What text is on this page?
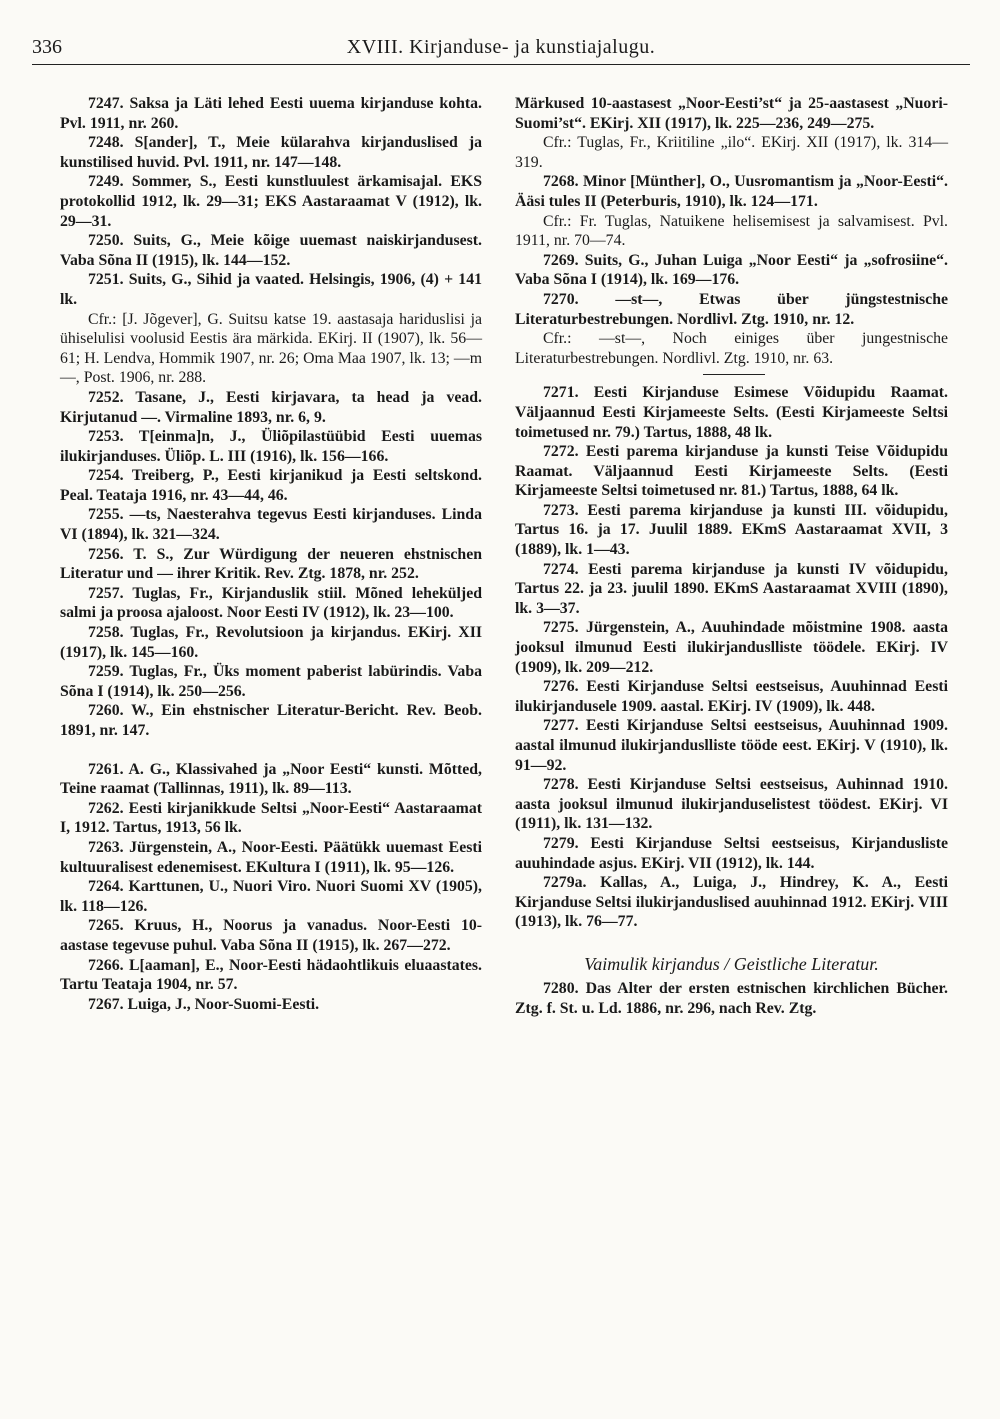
336	XVIII. Kirjanduse- ja kunstiajalugu.

7247. Saksa ja Läti lehed Eesti uuema kirjanduse kohta. Pvl. 1911, nr. 260.

7248. S[ander], T., Meie külarahva kirjanduslised ja kunstilised huvid. Pvl. 1911, nr. 147—148.

7249. Sommer, S., Eesti kunstluulest ärkamisajal. EKS protokollid 1912, lk. 29—31; EKS Aastaraamat V (1912), lk. 29—31.

7250. Suits, G., Meie kõige uuemast naiskirjandusest. Vaba Sõna II (1915), lk. 144—152.

7251. Suits, G., Sihid ja vaated. Helsingis, 1906, (4) + 141 lk.

Cfr.: [J. Jõgever], G. Suitsu katse 19. aastasaja hariduslisi ja ühiselulisi voolusid Eestis ära märkida. EKirj. II (1907), lk. 56—61; H. Lendva, Hommik 1907, nr. 26; Oma Maa 1907, lk. 13; —m—, Post. 1906, nr. 288.

7252. Tasane, J., Eesti kirjavara, ta head ja vead. Kirjutanud —. Virmaline 1893, nr. 6, 9.

7253. T[einma]n, J., Üliõpilastüübid Eesti uuemas ilukirjanduses. Üliõp. L. III (1916), lk. 156—166.

7254. Treiberg, P., Eesti kirjanikud ja Eesti seltskond. Peal. Teataja 1916, nr. 43—44, 46.

7255. —ts, Naesterahva tegevus Eesti kirjanduses. Linda VI (1894), lk. 321—324.

7256. T. S., Zur Würdigung der neueren ehstnischen Literatur und — ihrer Kritik. Rev. Ztg. 1878, nr. 252.

7257. Tuglas, Fr., Kirjanduslik stiil. Mõned leheküljed salmi ja proosa ajaloost. Noor Eesti IV (1912), lk. 23—100.

7258. Tuglas, Fr., Revolutsioon ja kirjandus. EKirj. XII (1917), lk. 145—160.

7259. Tuglas, Fr., Üks moment paberist labürindis. Vaba Sõna I (1914), lk. 250—256.

7260. W., Ein ehstnischer Literatur-Bericht. Rev. Beob. 1891, nr. 147.

7261. A. G., Klassivahed ja „Noor Eesti“ kunsti. Mõtted, Teine raamat (Tallinnas, 1911), lk. 89—113.

7262. Eesti kirjanikkude Seltsi „Noor-Eesti“ Aastaraamat I, 1912. Tartus, 1913, 56 lk.

7263. Jürgenstein, A., Noor-Eesti. Päätükk uuemast Eesti kultuuralisest edenemisest. EKultura I (1911), lk. 95—126.

7264. Karttunen, U., Nuori Viro. Nuori Suomi XV (1905), lk. 118—126.

7265. Kruus, H., Noorus ja vanadus. Noor-Eesti 10-aastase tegevuse puhul. Vaba Sõna II (1915), lk. 267—272.

7266. L[aaman], E., Noor-Eesti hädaohtlikuis eluaastates. Tartu Teataja 1904, nr. 57.

7267. Luiga, J., Noor-Suomi-Eesti.

Märkused 10-aastasest „Noor-Eesti’st“ ja 25-aastasest „Nuori-Suomi’st“. EKirj. XII (1917), lk. 225—236, 249—275.

Cfr.: Tuglas, Fr., Kriitiline „ilo“. EKirj. XII (1917), lk. 314—319.

7268. Minor [Münther], O., Uusromantism ja „Noor-Eesti“. Ääsi tules II (Peterburis, 1910), lk. 124—171.

Cfr.: Fr. Tuglas, Natuikene helisemisest ja salvamisest. Pvl. 1911, nr. 70—74.

7269. Suits, G., Juhan Luiga „Noor Eesti“ ja „sofrosiine“. Vaba Sõna I (1914), lk. 169—176.

7270. —st—, Etwas über jüngstestnische Literaturbestrebungen. Nordlivl. Ztg. 1910, nr. 12.

Cfr.: —st—, Noch einiges über jungestnische Literaturbestrebungen. Nordlivl. Ztg. 1910, nr. 63.

7271. Eesti Kirjanduse Esimese Võidupidu Raamat. Väljaannud Eesti Kirjameeste Selts. (Eesti Kirjameeste Seltsi toimetused nr. 79.) Tartus, 1888, 48 lk.

7272. Eesti parema kirjanduse ja kunsti Teise Võidupidu Raamat. Väljaannud Eesti Kirjameeste Selts. (Eesti Kirjameeste Seltsi toimetused nr. 81.) Tartus, 1888, 64 lk.

7273. Eesti parema kirjanduse ja kunsti III. võidupidu, Tartus 16. ja 17. Juulil 1889. EKmS Aastaraamat XVII, 3 (1889), lk. 1—43.

7274. Eesti parema kirjanduse ja kunsti IV võidupidu, Tartus 22. ja 23. juulil 1890. EKmS Aastaraamat XVIII (1890), lk. 3—37.

7275. Jürgenstein, A., Auuhindade mõistmine 1908. aasta jooksul ilmunud Eesti ilukirjanduslliste töödele. EKirj. IV (1909), lk. 209—212.

7276. Eesti Kirjanduse Seltsi eestseisus, Auuhinnad Eesti ilukirjandusele 1909. aastal. EKirj. IV (1909), lk. 448.

7277. Eesti Kirjanduse Seltsi eestseisus, Auuhinnad 1909. aastal ilmunud ilukirjanduslliste tööde eest. EKirj. V (1910), lk. 91—92.

7278. Eesti Kirjanduse Seltsi eestseisus, Auhinnad 1910. aasta jooksul ilmunud ilukirjanduselistest töödest. EKirj. VI (1911), lk. 131—132.

7279. Eesti Kirjanduse Seltsi eestseisus, Kirjandusliste auuhindade asjus. EKirj. VII (1912), lk. 144.

7279a. Kallas, A., Luiga, J., Hindrey, K. A., Eesti Kirjanduse Seltsi ilukirjanduslised auuhinnad 1912. EKirj. VIII (1913), lk. 76—77.

Vaimulik kirjandus / Geistliche Literatur.

7280. Das Alter der ersten estnischen kirchlichen Bücher. Ztg. f. St. u. Ld. 1886, nr. 296, nach Rev. Ztg.
